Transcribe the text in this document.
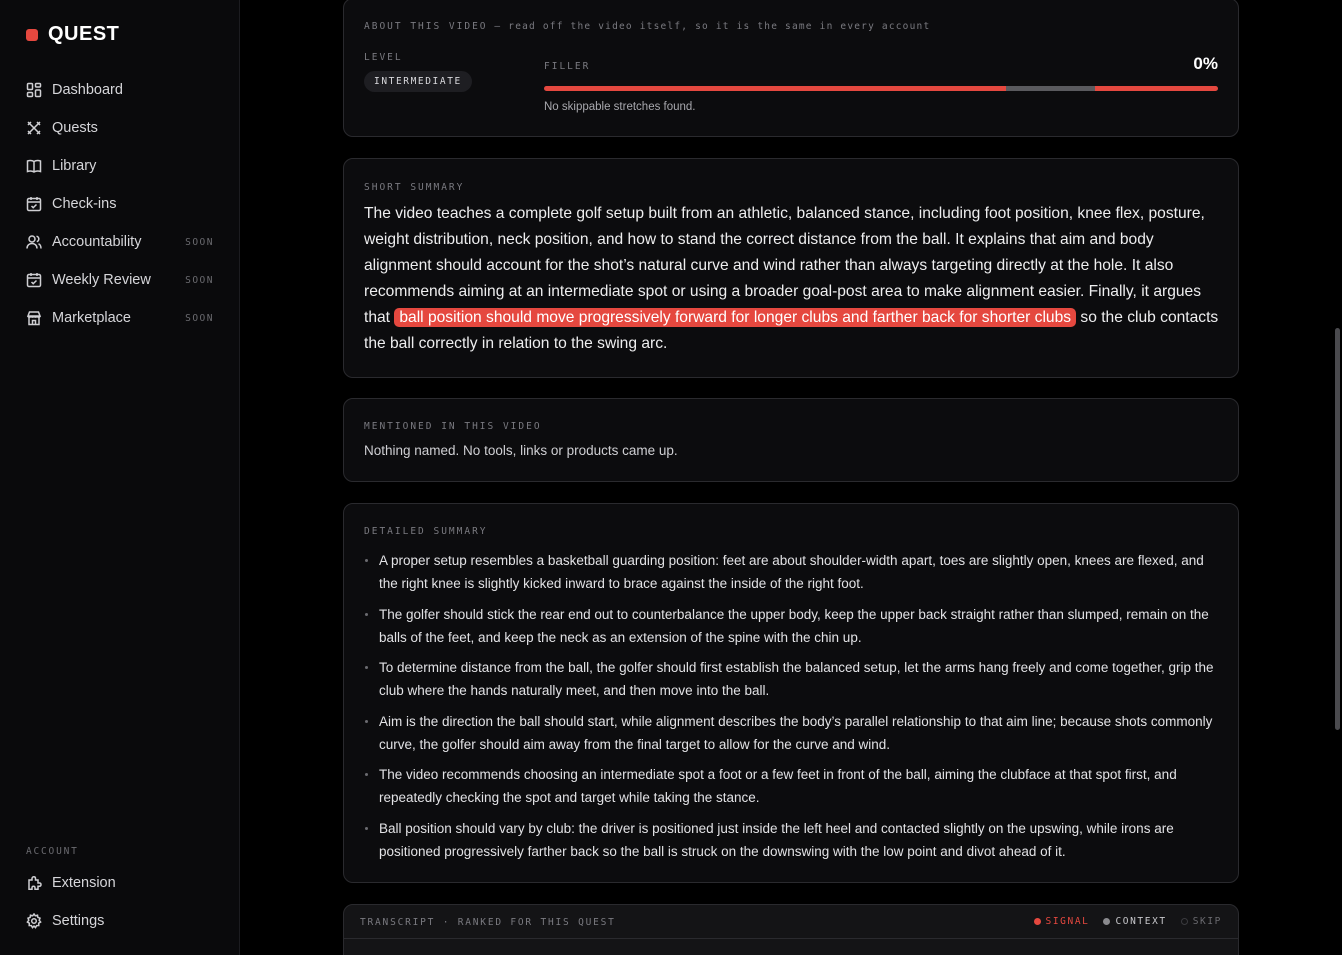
QUEST
Dashboard
Quests
Library
Check-ins
Accountability	SOON
Weekly Review	SOON
Marketplace	SOON
ACCOUNT
Extension
Settings
ABOUT THIS VIDEO — read off the video itself, so it is the same in every account
LEVEL
INTERMEDIATE
FILLER	0%
No skippable stretches found.
SHORT SUMMARY
The video teaches a complete golf setup built from an athletic, balanced stance, including foot position, knee flex, posture, weight distribution, neck position, and how to stand the correct distance from the ball. It explains that aim and body alignment should account for the shot’s natural curve and wind rather than always targeting directly at the hole. It also recommends aiming at an intermediate spot or using a broader goal-post area to make alignment easier. Finally, it argues that ball position should move progressively forward for longer clubs and farther back for shorter clubs so the club contacts the ball correctly in relation to the swing arc.
MENTIONED IN THIS VIDEO
Nothing named. No tools, links or products came up.
DETAILED SUMMARY
A proper setup resembles a basketball guarding position: feet are about shoulder-width apart, toes are slightly open, knees are flexed, and the right knee is slightly kicked inward to brace against the inside of the right foot.
The golfer should stick the rear end out to counterbalance the upper body, keep the upper back straight rather than slumped, remain on the balls of the feet, and keep the neck as an extension of the spine with the chin up.
To determine distance from the ball, the golfer should first establish the balanced setup, let the arms hang freely and come together, grip the club where the hands naturally meet, and then move into the ball.
Aim is the direction the ball should start, while alignment describes the body’s parallel relationship to that aim line; because shots commonly curve, the golfer should aim away from the final target to allow for the curve and wind.
The video recommends choosing an intermediate spot a foot or a few feet in front of the ball, aiming the clubface at that spot first, and repeatedly checking the spot and target while taking the stance.
Ball position should vary by club: the driver is positioned just inside the left heel and contacted slightly on the upswing, while irons are positioned progressively farther back so the ball is struck on the downswing with the low point and divot ahead of it.
TRANSCRIPT · RANKED FOR THIS QUEST	SIGNAL	CONTEXT	SKIP
